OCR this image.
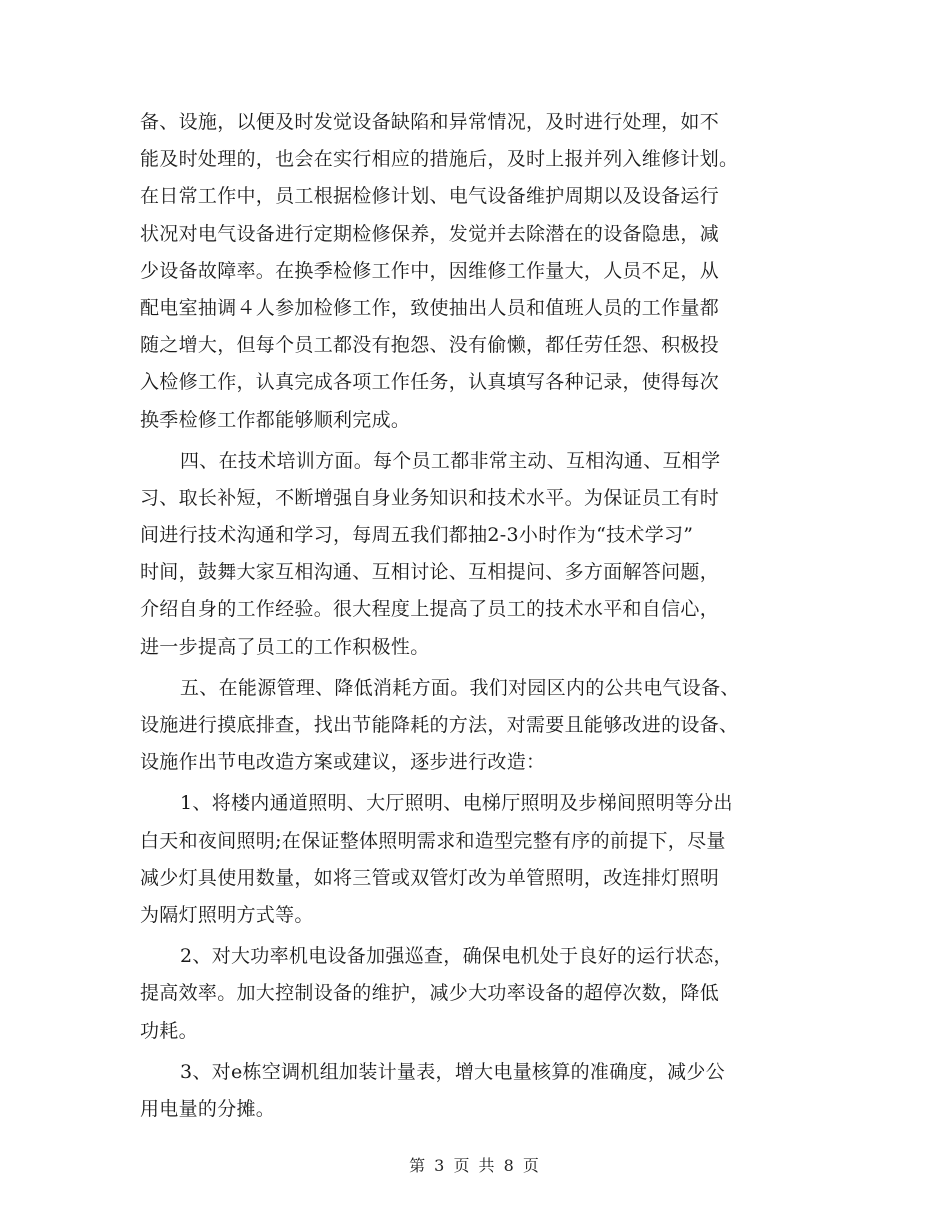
备、设施，以便及时发觉设备缺陷和异常情况，及时进行处理，如不
能及时处理的，也会在实行相应的措施后，及时上报并列入维修计划。
在日常工作中，员工根据检修计划、电气设备维护周期以及设备运行
状况对电气设备进行定期检修保养，发觉并去除潜在的设备隐患，减
少设备故障率。在换季检修工作中，因维修工作量大，人员不足，从
配电室抽调４人参加检修工作，致使抽出人员和值班人员的工作量都
随之增大，但每个员工都没有抱怨、没有偷懒，都任劳任怨、积极投
入检修工作，认真完成各项工作任务，认真填写各种记录，使得每次
换季检修工作都能够顺利完成。
四、在技术培训方面。每个员工都非常主动、互相沟通、互相学
习、取长补短，不断增强自身业务知识和技术水平。为保证员工有时
间进行技术沟通和学习，每周五我们都抽2-3小时作为“技术学习”
时间，鼓舞大家互相沟通、互相讨论、互相提问、多方面解答问题，
介绍自身的工作经验。很大程度上提高了员工的技术水平和自信心，
进一步提高了员工的工作积极性。
五、在能源管理、降低消耗方面。我们对园区内的公共电气设备、
设施进行摸底排查，找出节能降耗的方法，对需要且能够改进的设备、
设施作出节电改造方案或建议，逐步进行改造：
1、将楼内通道照明、大厅照明、电梯厅照明及步梯间照明等分出
白天和夜间照明;在保证整体照明需求和造型完整有序的前提下，尽量
减少灯具使用数量，如将三管或双管灯改为单管照明，改连排灯照明
为隔灯照明方式等。
2、对大功率机电设备加强巡查，确保电机处于良好的运行状态，
提高效率。加大控制设备的维护，减少大功率设备的超停次数，降低
功耗。
3、对e栋空调机组加装计量表，增大电量核算的准确度，减少公
用电量的分摊。
第 3 页 共 8 页
